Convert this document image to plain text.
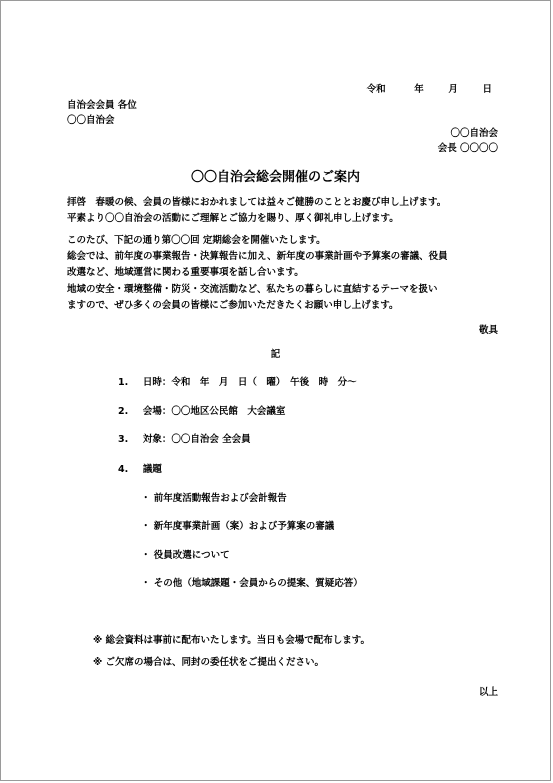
令和	年	月	日
自治会会員 各位
〇〇自治会
〇〇自治会
会長 〇〇〇〇
〇〇自治会総会開催のご案内
拝啓　春暖の候、会員の皆様におかれましては益々ご健勝のこととお慶び申し上げます。
平素より〇〇自治会の活動にご理解とご協力を賜り、厚く御礼申し上げます。
このたび、下記の通り第〇〇回 定期総会を開催いたします。
総会では、前年度の事業報告・決算報告に加え、新年度の事業計画や予算案の審議、役員
改選など、地域運営に関わる重要事項を話し合います。
地域の安全・環境整備・防災・交流活動など、私たちの暮らしに直結するテーマを扱い
ますので、ぜひ多くの会員の皆様にご参加いただきたくお願い申し上げます。
敬具
記
1. 日時：令和　年　月　日（　曜）　午後　時　分～
2. 会場：〇〇地区公民館　大会議室
3. 対象：〇〇自治会 全会員
4. 議題
・ 前年度活動報告および会計報告
・ 新年度事業計画（案）および予算案の審議
・ 役員改選について
・ その他（地域課題・会員からの提案、質疑応答）
※ 総会資料は事前に配布いたします。当日も会場で配布します。
※ ご欠席の場合は、同封の委任状をご提出ください。
以上
